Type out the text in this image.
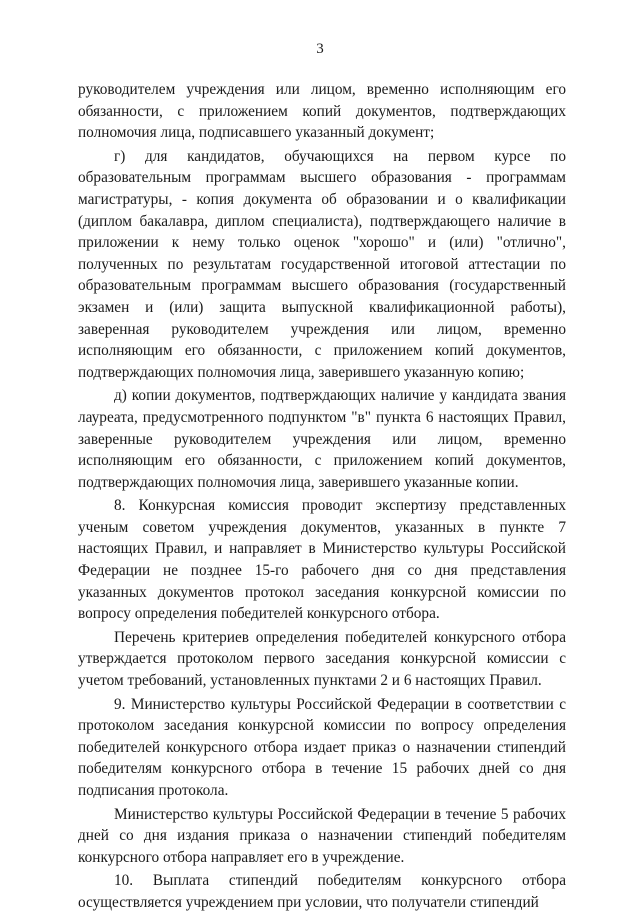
3

руководителем учреждения или лицом, временно исполняющим его обязанности, с приложением копий документов, подтверждающих полномочия лица, подписавшего указанный документ;

г) для кандидатов, обучающихся на первом курсе по образовательным программам высшего образования - программам магистратуры, - копия документа об образовании и о квалификации (диплом бакалавра, диплом специалиста), подтверждающего наличие в приложении к нему только оценок "хорошо" и (или) "отлично", полученных по результатам государственной итоговой аттестации по образовательным программам высшего образования (государственный экзамен и (или) защита выпускной квалификационной работы), заверенная руководителем учреждения или лицом, временно исполняющим его обязанности, с приложением копий документов, подтверждающих полномочия лица, заверившего указанную копию;

д) копии документов, подтверждающих наличие у кандидата звания лауреата, предусмотренного подпунктом "в" пункта 6 настоящих Правил, заверенные руководителем учреждения или лицом, временно исполняющим его обязанности, с приложением копий документов, подтверждающих полномочия лица, заверившего указанные копии.

8. Конкурсная комиссия проводит экспертизу представленных ученым советом учреждения документов, указанных в пункте 7 настоящих Правил, и направляет в Министерство культуры Российской Федерации не позднее 15-го рабочего дня со дня представления указанных документов протокол заседания конкурсной комиссии по вопросу определения победителей конкурсного отбора.

Перечень критериев определения победителей конкурсного отбора утверждается протоколом первого заседания конкурсной комиссии с учетом требований, установленных пунктами 2 и 6 настоящих Правил.

9. Министерство культуры Российской Федерации в соответствии с протоколом заседания конкурсной комиссии по вопросу определения победителей конкурсного отбора издает приказ о назначении стипендий победителям конкурсного отбора в течение 15 рабочих дней со дня подписания протокола.

Министерство культуры Российской Федерации в течение 5 рабочих дней со дня издания приказа о назначении стипендий победителям конкурсного отбора направляет его в учреждение.

10. Выплата стипендий победителям конкурсного отбора осуществляется учреждением при условии, что получатели стипендий
